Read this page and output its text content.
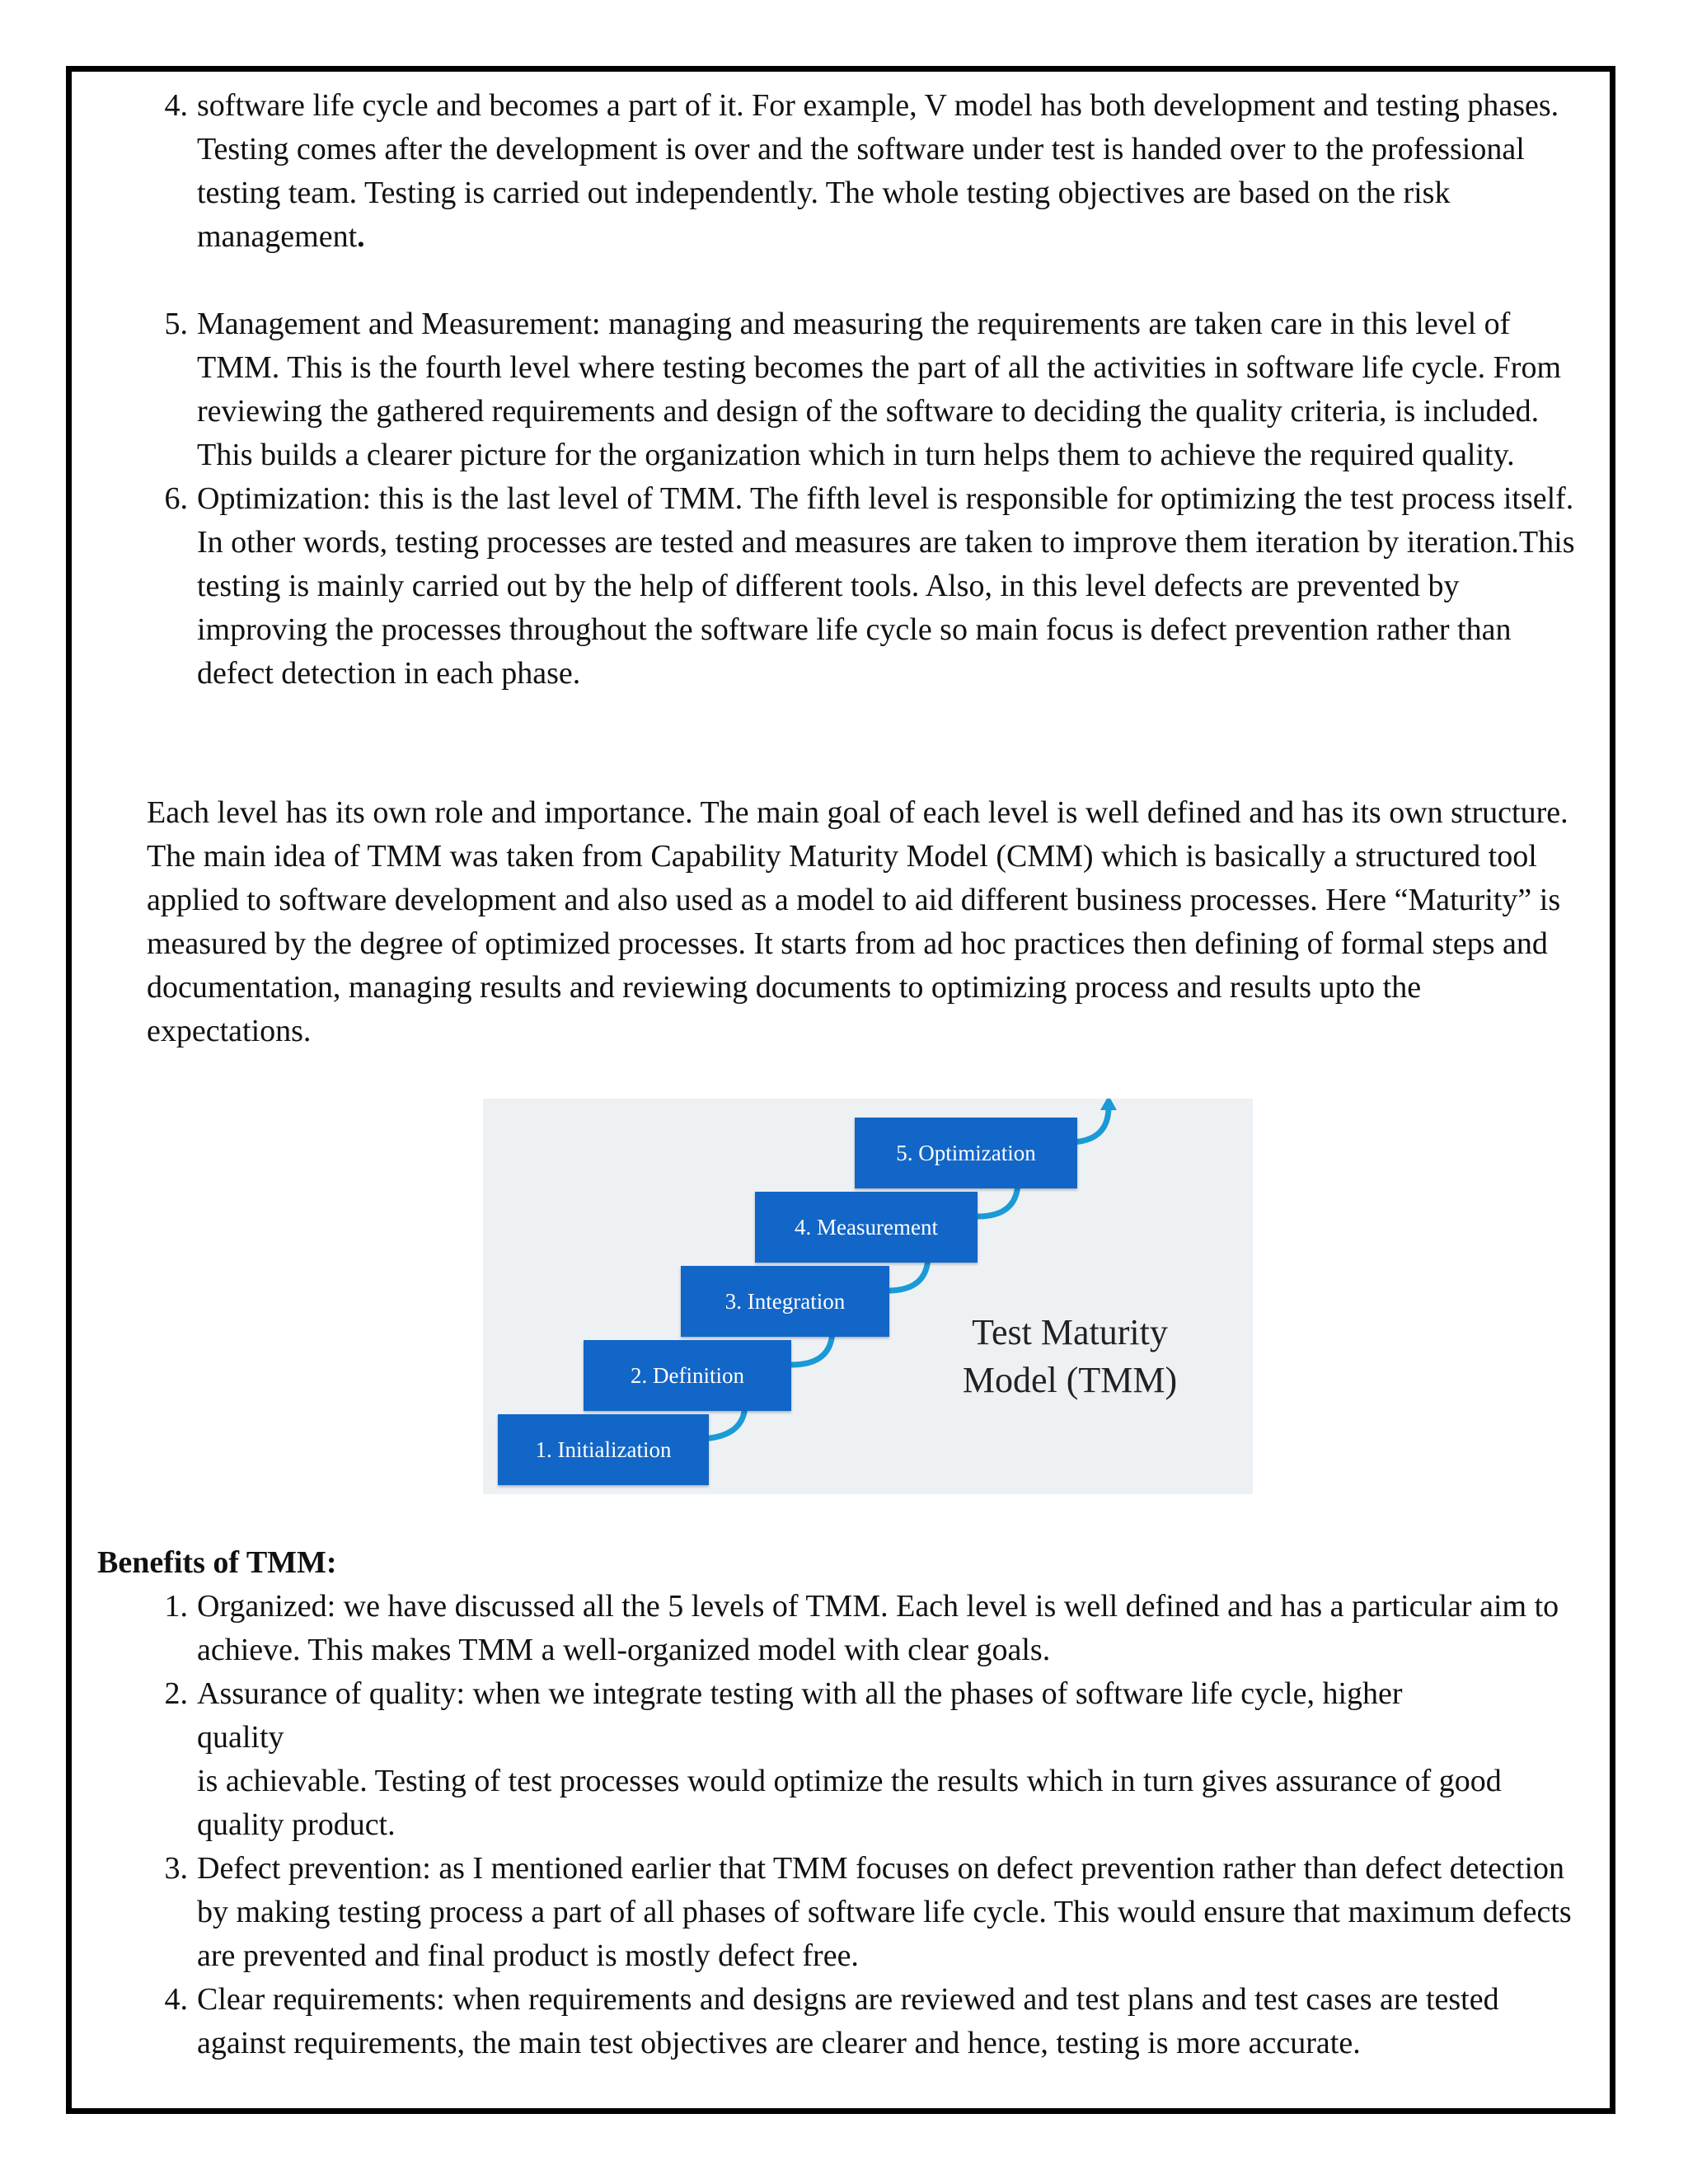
4. software life cycle and becomes a part of it. For example, V model has both development and testing phases. Testing comes after the development is over and the software under test is handed over to the professional testing team. Testing is carried out independently. The whole testing objectives are based on the risk management.
5. Management and Measurement: managing and measuring the requirements are taken care in this level of TMM. This is the fourth level where testing becomes the part of all the activities in software life cycle. From reviewing the gathered requirements and design of the software to deciding the quality criteria, is included. This builds a clearer picture for the organization which in turn helps them to achieve the required quality.
6. Optimization: this is the last level of TMM. The fifth level is responsible for optimizing the test process itself. In other words, testing processes are tested and measures are taken to improve them iteration by iteration.This testing is mainly carried out by the help of different tools. Also, in this level defects are prevented by improving the processes throughout the software life cycle so main focus is defect prevention rather than defect detection in each phase.

Each level has its own role and importance. The main goal of each level is well defined and has its own structure. The main idea of TMM was taken from Capability Maturity Model (CMM) which is basically a structured tool applied to software development and also used as a model to aid different business processes. Here “Maturity” is measured by the degree of optimized processes. It starts from ad hoc practices then defining of formal steps and documentation, managing results and reviewing documents to optimizing process and results upto the expectations.

1. Initialization
2. Definition
3. Integration
4. Measurement
5. Optimization
Test Maturity
Model (TMM)
Benefits of TMM:
1. Organized: we have discussed all the 5 levels of TMM. Each level is well defined and has a particular aim to achieve. This makes TMM a well-organized model with clear goals.
2. Assurance of quality: when we integrate testing with all the phases of software life cycle, higher
quality
is achievable. Testing of test processes would optimize the results which in turn gives assurance of good quality product.
3. Defect prevention: as I mentioned earlier that TMM focuses on defect prevention rather than defect detection by making testing process a part of all phases of software life cycle. This would ensure that maximum defects are prevented and final product is mostly defect free.
4. Clear requirements: when requirements and designs are reviewed and test plans and test cases are tested against requirements, the main test objectives are clearer and hence, testing is more accurate.
